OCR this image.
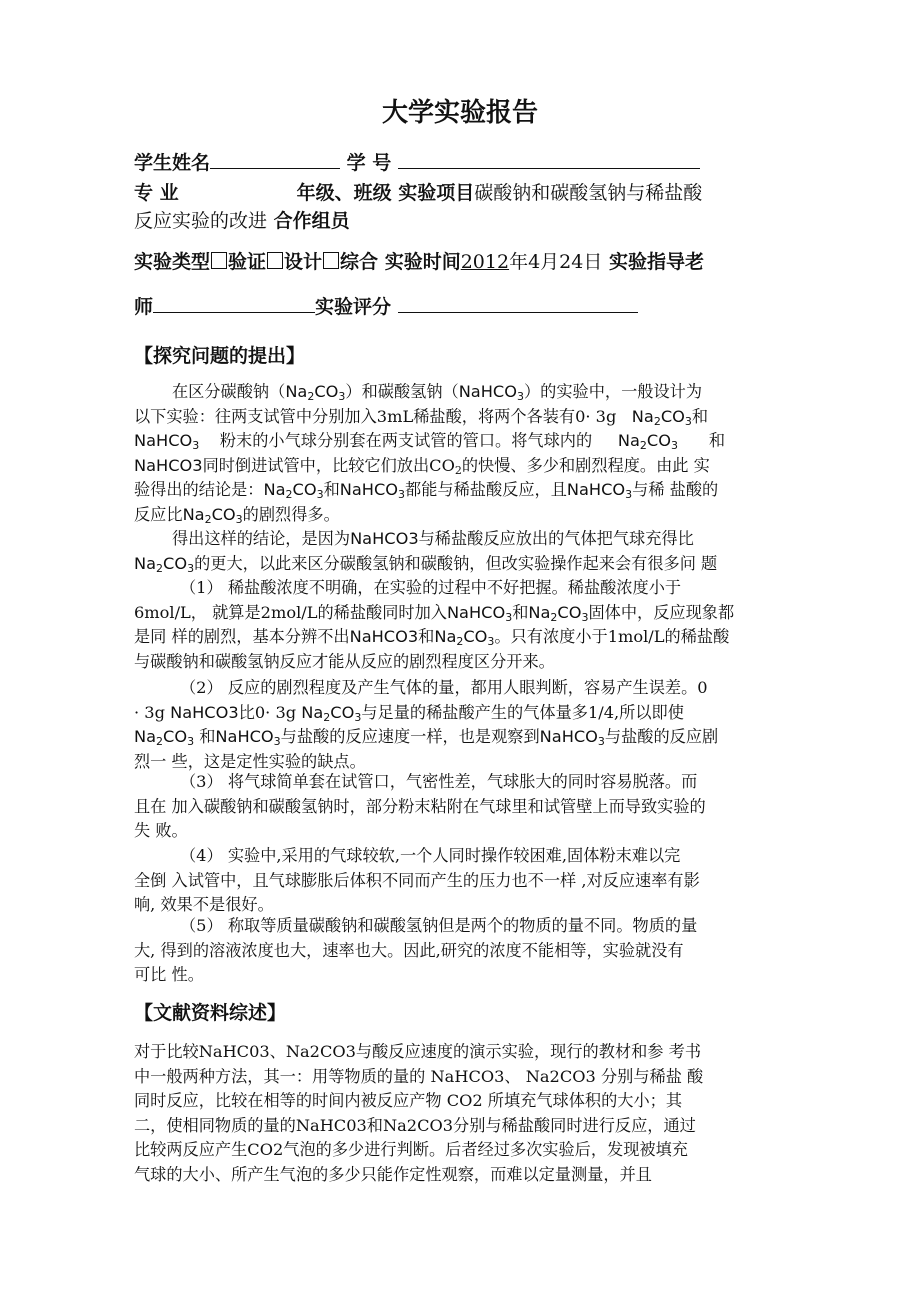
大学实验报告
学生姓名	学 号
专 业	年级、班级 实验项目碳酸钠和碳酸氢钠与稀盐酸
反应实验的改进 合作组员
实验类型 验证 设计 综合 实验时间2012年4月24日 实验指导老
师	实验评分
【探究问题的提出】
在区分碳酸钠$(Na_2CO_3)$和碳酸氢钠（NaHCO$_3$）的实验中，一般设计为
以下实验：往两支试管中分别加入3mL稀盐酸，将两个各装有0· 3g $Na_2CO_3$和
NaHCO$_3$ 粉末的小气球分别套在两支试管的管口。将气球内的 $Na_2CO_3$ 和
NaHCO3同时倒进试管中，比较它们放出$CO_2$的快慢、多少和剧烈程度。由此 实
验得出的结论是：$Na_2CO_3$和NaHCO$_3$都能与稀盐酸反应，且NaHCO$_3$与稀 盐酸的
反应比$Na_2CO_3$的剧烈得多。
得出这样的结论，是因为NaHCO3与稀盐酸反应放出的气体把气球充得比
$Na_2CO_3$的更大，以此来区分碳酸氢钠和碳酸钠，但改实验操作起来会有很多问 题
（1） 稀盐酸浓度不明确，在实验的过程中不好把握。稀盐酸浓度小于
6mol/L， 就算是2mol/L的稀盐酸同时加入NaHCO$_3$和$Na_2CO_3$固体中，反应现象都
是同 样的剧烈，基本分辨不出NaHCO3和$Na_2CO_3$。只有浓度小于1mol/L的稀盐酸
与碳酸钠和碳酸氢钠反应才能从反应的剧烈程度区分开来。
（2） 反应的剧烈程度及产生气体的量，都用人眼判断，容易产生误差。0
· 3g NaHCO3比0· 3g $Na_2CO_3$与足量的稀盐酸产生的气体量多1/4,所以即使
$Na_2CO_3$ 和NaHCO$_3$与盐酸的反应速度一样，也是观察到NaHCO$_3$与盐酸的反应剧
烈一 些，这是定性实验的缺点。
（3） 将气球简单套在试管口，气密性差，气球胀大的同时容易脱落。而
且在 加入碳酸钠和碳酸氢钠时，部分粉末粘附在气球里和试管壁上而导致实验的
失 败。
（4） 实验中,采用的气球较软,一个人同时操作较困难,固体粉末难以完
全倒 入试管中，且气球膨胀后体积不同而产生的压力也不一样 ,对反应速率有影
响, 效果不是很好。
（5） 称取等质量碳酸钠和碳酸氢钠但是两个的物质的量不同。物质的量
大, 得到的溶液浓度也大，速率也大。因此,研究的浓度不能相等，实验就没有
可比 性。
【文献资料综述】
对于比较NaHC03、Na2CO3与酸反应速度的演示实验，现行的教材和参 考书
中一般两种方法，其一：用等物质的量的 NaHCO3、 Na2CO3 分别与稀盐 酸
同时反应，比较在相等的时间内被反应产物 CO2 所填充气球体积的大小；其
二，使相同物质的量的NaHC03和Na2CO3分别与稀盐酸同时进行反应，通过
比较两反应产生CO2气泡的多少进行判断。后者经过多次实验后，发现被填充
气球的大小、所产生气泡的多少只能作定性观察，而难以定量测量，并且
